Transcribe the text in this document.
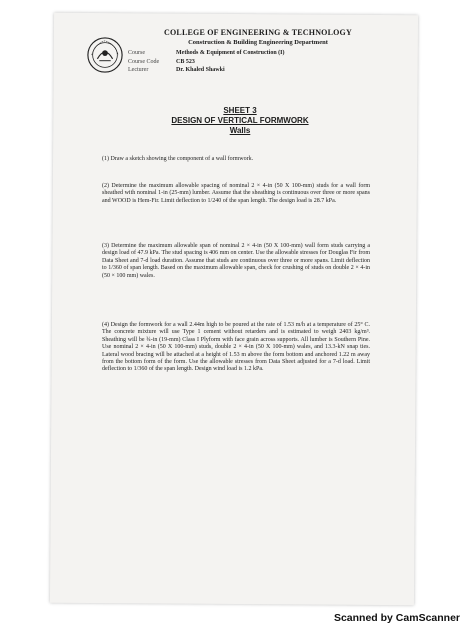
COLLEGE OF ENGINEERING & TECHNOLOGY
Construction & Building Engineering Department
Course	Methods & Equipment of Construction (I)
Course Code	CB 523
Lecturer	Dr. Khaled Shawki
SHEET 3
DESIGN OF VERTICAL FORMWORK
Walls
(1) Draw a sketch showing the component of a wall formwork.
(2) Determine the maximum allowable spacing of nominal 2 × 4-in (50 X 100-mm) studs for a wall form sheathed with nominal 1-in (25-mm) lumber. Assume that the sheathing is continuous over three or more spans and WOOD is Hem-Fir. Limit deflection to 1/240 of the span length. The design load is 28.7 kPa.
(3) Determine the maximum allowable span of nominal 2 × 4-in (50 X 100-mm) wall form studs carrying a design load of 47.9 kPa. The stud spacing is 406 mm on center. Use the allowable stresses for Douglas Fir from Data Sheet and 7-d load duration. Assume that studs are continuous over three or more spans. Limit deflection to 1/360 of span length. Based on the maximum allowable span, check for crushing of studs on double 2 × 4-in (50 × 100 mm) wales.
(4) Design the formwork for a wall 2.44m high to be poured at the rate of 1.53 m/h at a temperature of 25° C. The concrete mixture will use Type 1 cement without retarders and is estimated to weigh 2403 kg/m³. Sheathing will be ¾-in (19-mm) Class I Plyform with face grain across supports. All lumber is Southern Pine. Use nominal 2 × 4-in (50 X 100-mm) studs, double 2 × 4-in (50 X 100-mm) wales, and 13.3-kN snap ties. Lateral wood bracing will be attached at a height of 1.53 m above the form bottom and anchored 1.22 m away from the bottom form of the form. Use the allowable stresses from Data Sheet adjusted for a 7-d load. Limit deflection to 1/360 of the span length. Design wind load is 1.2 kPa.
Scanned by CamScanner
